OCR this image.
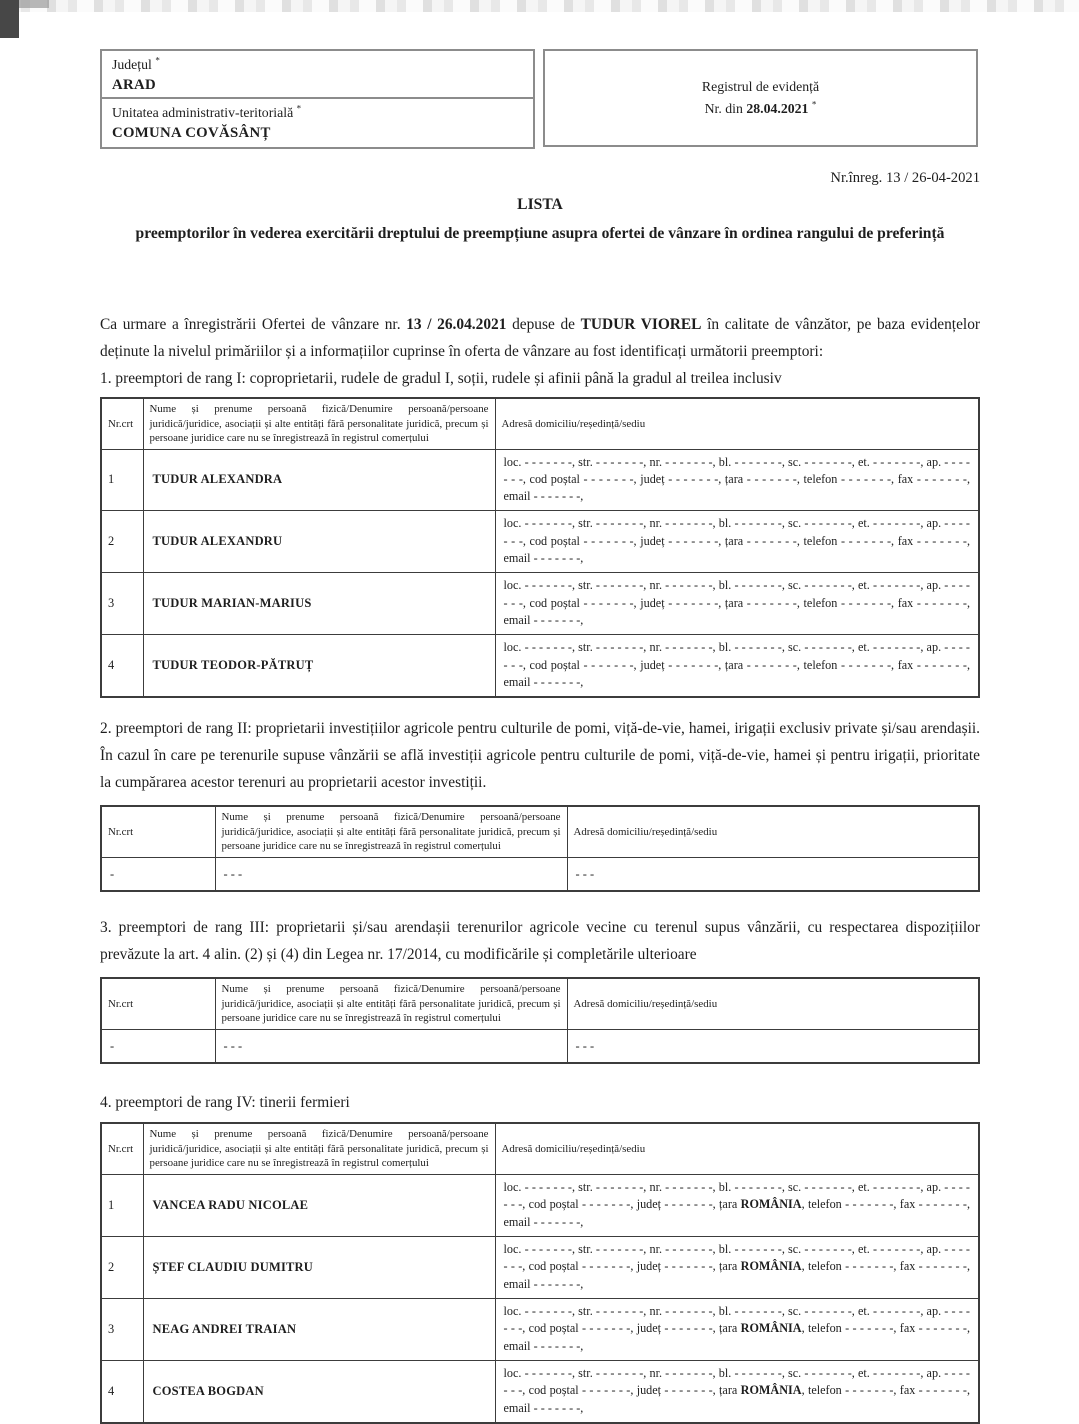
Județul *
ARAD
Unitatea administrativ-teritorială *
COMUNA COVĂSÂNȚ
Registrul de evidență
Nr. din 28.04.2021 *
Nr.înreg. 13 / 26-04-2021
LISTA
preemptorilor în vederea exercitării dreptului de preempțiune asupra ofertei de vânzare în ordinea rangului de preferință

Ca urmare a înregistrării Ofertei de vânzare nr. 13 / 26.04.2021 depuse de TUDUR VIOREL în calitate de vânzător, pe baza evidențelor deținute la nivelul primăriilor și a informațiilor cuprinse în oferta de vânzare au fost identificați următorii preemptori:

1. preemptori de rang I: coproprietarii, rudele de gradul I, soții, rudele și afinii până la gradul al treilea inclusiv
Nr.crt	Nume și prenume persoană fizică/Denumire persoană/persoane juridică/juridice, asociații și alte entități fără personalitate juridică, precum și persoane juridice care nu se înregistrează în registrul comerțului	Adresă domiciliu/reședință/sediu
1	TUDUR ALEXANDRA	loc. - - - - - - -, str. - - - - - - -, nr. - - - - - - -, bl. - - - - - - -, sc. - - - - - - -, et. - - - - - - -, ap. - - - - - - -, cod poștal - - - - - - -, județ - - - - - - -, țara - - - - - - -, telefon - - - - - - -, fax - - - - - - -, email - - - - - - -,
2	TUDUR ALEXANDRU	loc. - - - - - - -, str. - - - - - - -, nr. - - - - - - -, bl. - - - - - - -, sc. - - - - - - -, et. - - - - - - -, ap. - - - - - - -, cod poștal - - - - - - -, județ - - - - - - -, țara - - - - - - -, telefon - - - - - - -, fax - - - - - - -, email - - - - - - -,
3	TUDUR MARIAN-MARIUS	loc. - - - - - - -, str. - - - - - - -, nr. - - - - - - -, bl. - - - - - - -, sc. - - - - - - -, et. - - - - - - -, ap. - - - - - - -, cod poștal - - - - - - -, județ - - - - - - -, țara - - - - - - -, telefon - - - - - - -, fax - - - - - - -, email - - - - - - -,
4	TUDUR TEODOR-PĂTRUȚ	loc. - - - - - - -, str. - - - - - - -, nr. - - - - - - -, bl. - - - - - - -, sc. - - - - - - -, et. - - - - - - -, ap. - - - - - - -, cod poștal - - - - - - -, județ - - - - - - -, țara - - - - - - -, telefon - - - - - - -, fax - - - - - - -, email - - - - - - -,
2. preemptori de rang II: proprietarii investițiilor agricole pentru culturile de pomi, viță-de-vie, hamei, irigații exclusiv private și/sau arendașii. În cazul în care pe terenurile supuse vânzării se află investiții agricole pentru culturile de pomi, viță-de-vie, hamei și pentru irigații, prioritate la cumpărarea acestor terenuri au proprietarii acestor investiții.
Nr.crt	Nume și prenume persoană fizică/Denumire persoană/persoane juridică/juridice, asociații și alte entități fără personalitate juridică, precum și persoane juridice care nu se înregistrează în registrul comerțului	Adresă domiciliu/reședință/sediu
-	- - -	- - -
3. preemptori de rang III: proprietarii și/sau arendașii terenurilor agricole vecine cu terenul supus vânzării, cu respectarea dispozițiilor prevăzute la art. 4 alin. (2) și (4) din Legea nr. 17/2014, cu modificările și completările ulterioare
Nr.crt	Nume și prenume persoană fizică/Denumire persoană/persoane juridică/juridice, asociații și alte entități fără personalitate juridică, precum și persoane juridice care nu se înregistrează în registrul comerțului	Adresă domiciliu/reședință/sediu
-	- - -	- - -
4. preemptori de rang IV: tinerii fermieri
Nr.crt	Nume și prenume persoană fizică/Denumire persoană/persoane juridică/juridice, asociații și alte entități fără personalitate juridică, precum și persoane juridice care nu se înregistrează în registrul comerțului	Adresă domiciliu/reședință/sediu
1	VANCEA RADU NICOLAE	loc. - - - - - - -, str. - - - - - - -, nr. - - - - - - -, bl. - - - - - - -, sc. - - - - - - -, et. - - - - - - -, ap. - - - - - - -, cod poștal - - - - - - -, județ - - - - - - -, țara ROMÂNIA, telefon - - - - - - -, fax - - - - - - -, email - - - - - - -,
2	ȘTEF CLAUDIU DUMITRU	loc. - - - - - - -, str. - - - - - - -, nr. - - - - - - -, bl. - - - - - - -, sc. - - - - - - -, et. - - - - - - -, ap. - - - - - - -, cod poștal - - - - - - -, județ - - - - - - -, țara ROMÂNIA, telefon - - - - - - -, fax - - - - - - -, email - - - - - - -,
3	NEAG ANDREI TRAIAN	loc. - - - - - - -, str. - - - - - - -, nr. - - - - - - -, bl. - - - - - - -, sc. - - - - - - -, et. - - - - - - -, ap. - - - - - - -, cod poștal - - - - - - -, județ - - - - - - -, țara ROMÂNIA, telefon - - - - - - -, fax - - - - - - -, email - - - - - - -,
4	COSTEA BOGDAN	loc. - - - - - - -, str. - - - - - - -, nr. - - - - - - -, bl. - - - - - - -, sc. - - - - - - -, et. - - - - - - -, ap. - - - - - - -, cod poștal - - - - - - -, județ - - - - - - -, țara ROMÂNIA, telefon - - - - - - -, fax - - - - - - -, email - - - - - - -,
